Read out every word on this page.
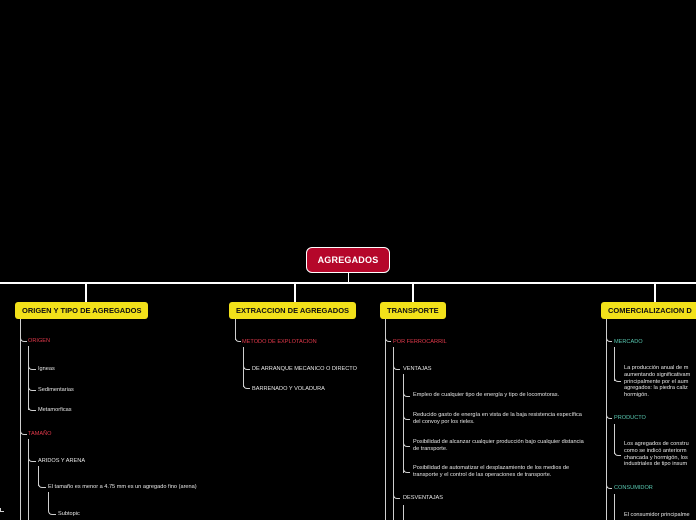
AGREGADOS
ORIGEN Y TIPO DE AGREGADOS
ORIGEN
Igneas
Sedimentarias
Metamorficas
TAMAÑO
ARIDOS Y ARENA
El tamaño es menor a 4.75 mm es un agregado fino (arena)
Subtopic
EXTRACCION DE AGREGADOS
METODO DE EXPLOTACION
DE ARRANQUE MECANICO O DIRECTO
BARRENADO Y VOLADURA
TRANSPORTE
POR FERROCARRIL
VENTAJAS
Empleo de cualquier tipo de energía y tipo de locomotoras.
Reducido gasto de energía en vista de la baja resistencia específica del convoy por los rieles.
Posibilidad de alcanzar cualquier producción bajo cualquier distancia de transporte.
Posibilidad de automatizar el desplazamiento de los medios de transporte y el control de las operaciones de transporte.
DESVENTAJAS
COMERCIALIZACION D
MERCADO
La producción anual de m
aumentando significativam
principalmente por el aum
agregados: la piedra caliz
hormigón.
PRODUCTO
Los agregados de constru
como se indicó anteriorm
chancada y hormigón, los
industriales de tipo insum
CONSUMIDOR
El consumidor principalme
